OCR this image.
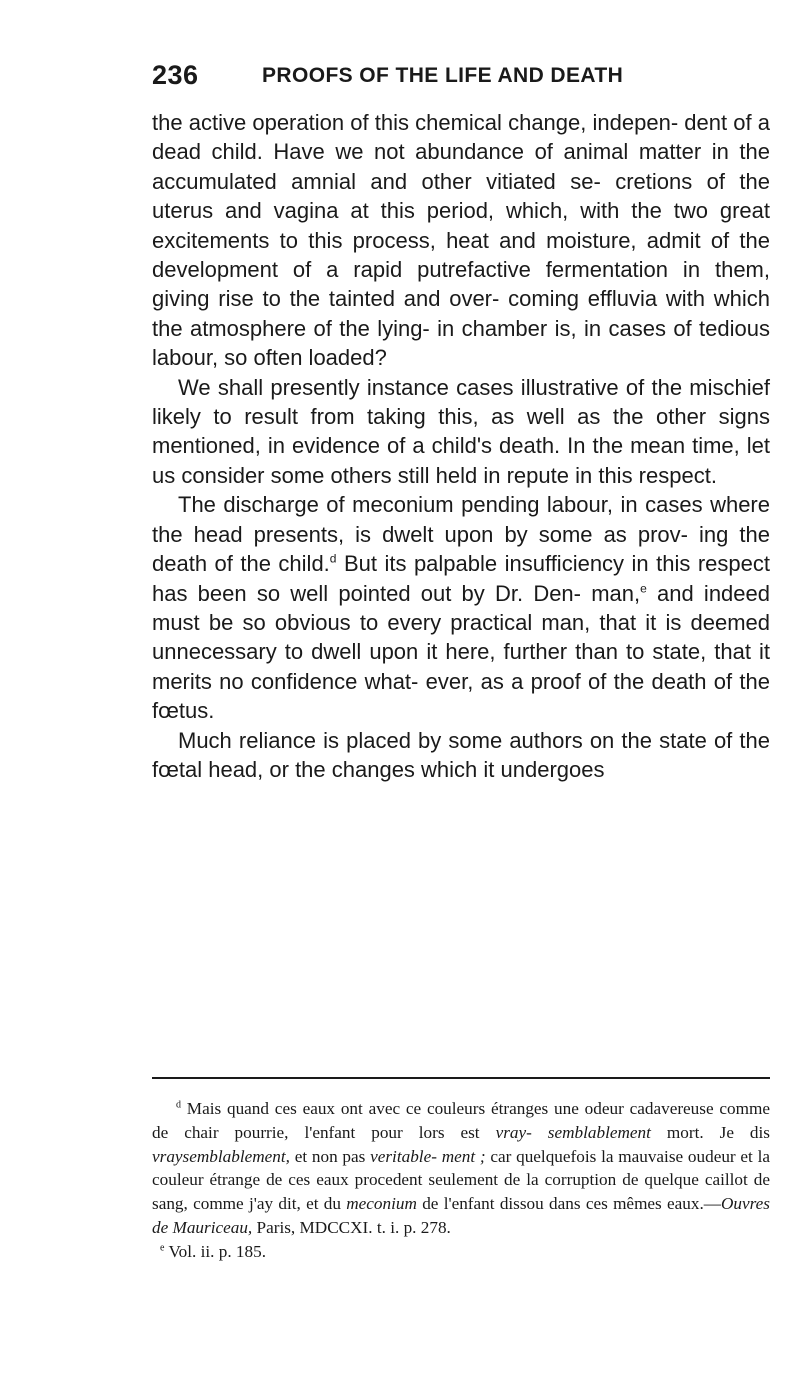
236	PROOFS OF THE LIFE AND DEATH

the active operation of this chemical change, indepen- dent of a dead child. Have we not abundance of animal matter in the accumulated amnial and other vitiated se- cretions of the uterus and vagina at this period, which, with the two great excitements to this process, heat and moisture, admit of the development of a rapid putrefactive fermentation in them, giving rise to the tainted and over- coming effluvia with which the atmosphere of the lying- in chamber is, in cases of tedious labour, so often loaded?

We shall presently instance cases illustrative of the mischief likely to result from taking this, as well as the other signs mentioned, in evidence of a child's death. In the mean time, let us consider some others still held in repute in this respect.

The discharge of meconium pending labour, in cases where the head presents, is dwelt upon by some as prov- ing the death of the child.$^d$ But its palpable insufficiency in this respect has been so well pointed out by Dr. Den- man,$^e$ and indeed must be so obvious to every practical man, that it is deemed unnecessary to dwell upon it here, further than to state, that it merits no confidence what- ever, as a proof of the death of the fœtus.

Much reliance is placed by some authors on the state of the fœtal head, or the changes which it undergoes

$^d$ Mais quand ces eaux ont avec ce couleurs étranges une odeur cadavereuse comme de chair pourrie, l'enfant pour lors est vray- semblablement mort. Je dis vraysemblablement, et non pas veritable- ment ; car quelquefois la mauvaise oudeur et la couleur étrange de ces eaux procedent seulement de la corruption de quelque caillot de sang, comme j'ay dit, et du meconium de l'enfant dissou dans ces mêmes eaux.—Ouvres de Mauriceau, Paris, MDCCXI. t. i. p. 278.

$^e$ Vol. ii. p. 185.
